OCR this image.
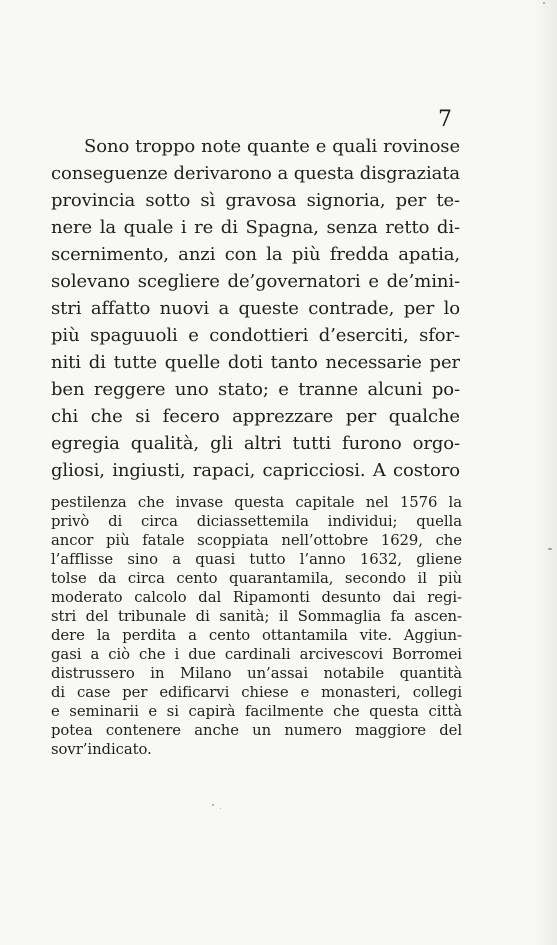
7
Sono troppo note quante e quali rovinose
conseguenze derivarono a questa disgraziata
provincia sotto sì gravosa signoria, per te-
nere la quale i re di Spagna, senza retto di-
scernimento, anzi con la più fredda apatia,
solevano scegliere de’governatori e de’mini-
stri affatto nuovi a queste contrade, per lo
più spaguuoli e condottieri d’eserciti, sfor-
niti di tutte quelle doti tanto necessarie per
ben reggere uno stato; e tranne alcuni po-
chi che si fecero apprezzare per qualche
egregia qualità, gli altri tutti furono orgo-
gliosi, ingiusti, rapaci, capricciosi. A costoro
pestilenza che invase questa capitale nel 1576 la
privò di circa diciassettemila individui; quella
ancor più fatale scoppiata nell’ottobre 1629, che
l’afflisse sino a quasi tutto l’anno 1632, gliene
tolse da circa cento quarantamila, secondo il più
moderato calcolo dal Ripamonti desunto dai regi-
stri del tribunale di sanità; il Sommaglia fa ascen-
dere la perdita a cento ottantamila vite. Aggiun-
gasi a ciò che i due cardinali arcivescovi Borromei
distrussero in Milano un’assai notabile quantità
di case per edificarvi chiese e monasteri, collegi
e seminarii e si capirà facilmente che questa città
potea contenere anche un numero maggiore del
sovr’indicato.
